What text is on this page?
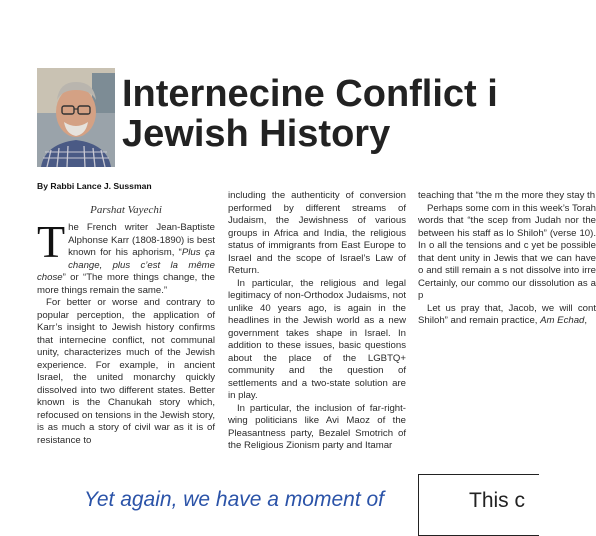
Internecine Conflict i
Jewish History

By Rabbi Lance J. Sussman

Parshat Vayechi

The French writer Jean-Baptiste Alphonse Karr (1808-1890) is best known for his aphorism, “Plus ça change, plus c’est la même chose” or “The more things change, the more things remain the same.”

For better or worse and contrary to popular perception, the application of Karr’s insight to Jewish history confirms that internecine conflict, not communal unity, characterizes much of the Jewish experience. For example, in ancient Israel, the united monarchy quickly dissolved into two different states. Better known is the Chanukah story which, refocused on tensions in the Jewish story, is as much a story of civil war as it is of resistance to

including the authenticity of conversion performed by different streams of Judaism, the Jewishness of various groups in Africa and India, the religious status of immigrants from East Europe to Israel and the scope of Israel’s Law of Return.

In particular, the religious and legal legitimacy of non-Orthodox Judaisms, not unlike 40 years ago, is again in the headlines in the Jewish world as a new government takes shape in Israel. In addition to these issues, basic questions about the place of the LGBTQ+ community and the question of settlements and a two-state solution are in play.

In particular, the inclusion of far-right-wing politicians like Avi Maoz of the Pleasantness party, Bezalel Smotrich of the Religious Zionism party and Itamar

teaching that “the m the more they stay th

Perhaps some com in this week’s Torah words that “the scep from Judah nor the between his staff as lo Shiloh” (verse 10). In o all the tensions and c yet be possible that dent unity in Jewis that we can have o and still remain a s not dissolve into irre Certainly, our commo our dissolution as a p

Let us pray that, Jacob, we will cont Shiloh” and remain practice, Am Echad,

Yet again, we have a moment of	This c
